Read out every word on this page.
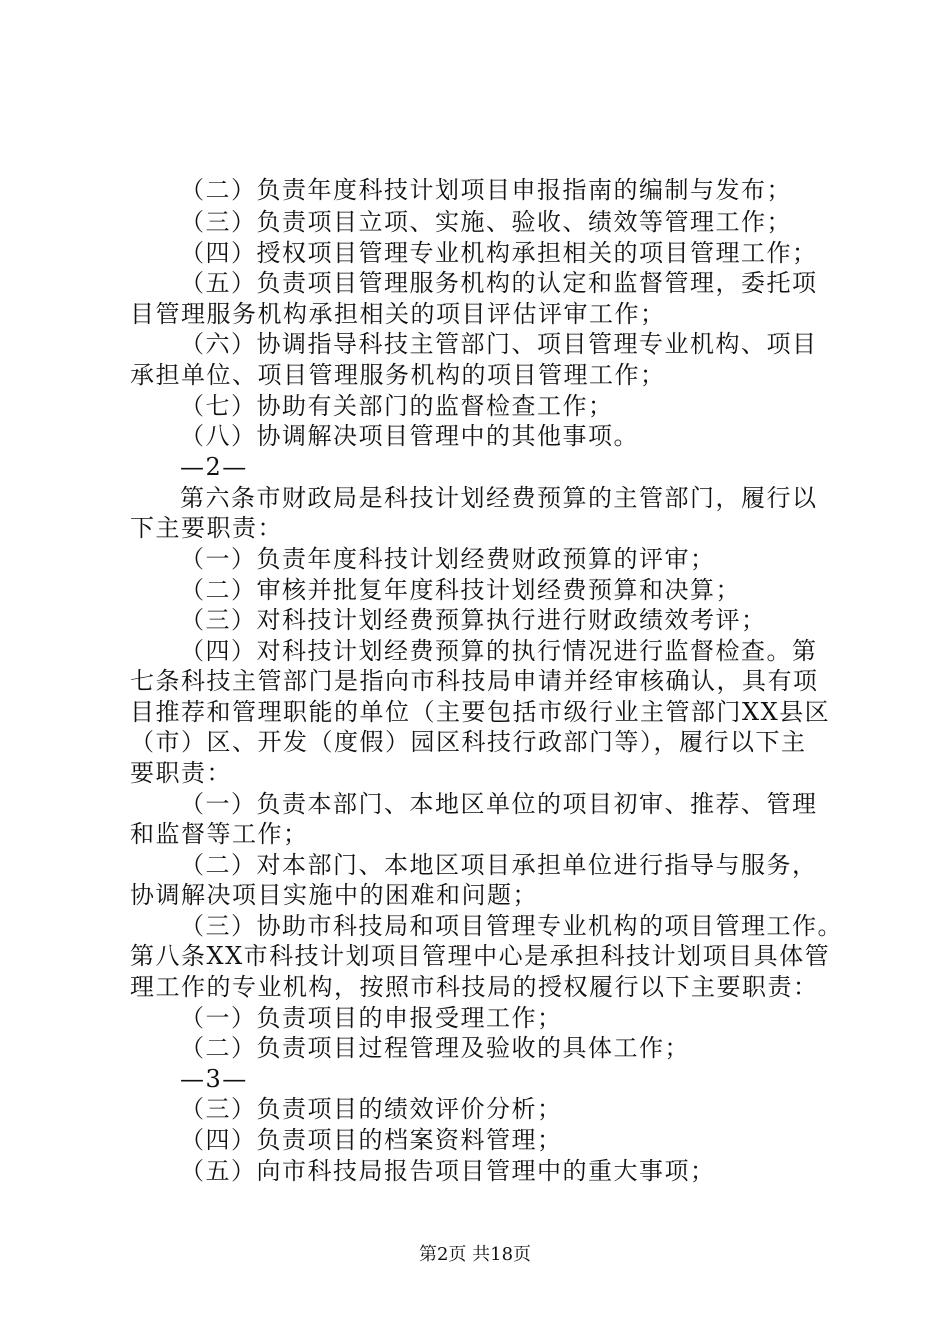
（二）负责年度科技计划项目申报指南的编制与发布；
（三）负责项目立项、实施、验收、绩效等管理工作；
（四）授权项目管理专业机构承担相关的项目管理工作；
（五）负责项目管理服务机构的认定和监督管理，委托项
目管理服务机构承担相关的项目评估评审工作；
（六）协调指导科技主管部门、项目管理专业机构、项目
承担单位、项目管理服务机构的项目管理工作；
（七）协助有关部门的监督检查工作；
（八）协调解决项目管理中的其他事项。
—2—
第六条市财政局是科技计划经费预算的主管部门，履行以
下主要职责：
（一）负责年度科技计划经费财政预算的评审；
（二）审核并批复年度科技计划经费预算和决算；
（三）对科技计划经费预算执行进行财政绩效考评；
（四）对科技计划经费预算的执行情况进行监督检查。第
七条科技主管部门是指向市科技局申请并经审核确认，具有项
目推荐和管理职能的单位（主要包括市级行业主管部门XX县区
（市）区、开发（度假）园区科技行政部门等），履行以下主
要职责：
（一）负责本部门、本地区单位的项目初审、推荐、管理
和监督等工作；
（二）对本部门、本地区项目承担单位进行指导与服务，
协调解决项目实施中的困难和问题；
（三）协助市科技局和项目管理专业机构的项目管理工作。
第八条XX市科技计划项目管理中心是承担科技计划项目具体管
理工作的专业机构，按照市科技局的授权履行以下主要职责：
（一）负责项目的申报受理工作；
（二）负责项目过程管理及验收的具体工作；
—3—
（三）负责项目的绩效评价分析；
（四）负责项目的档案资料管理；
（五）向市科技局报告项目管理中的重大事项；
第2页 共18页
